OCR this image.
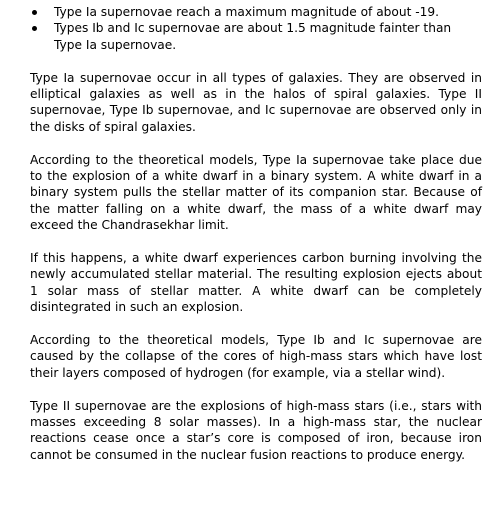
Type Ia supernovae reach a maximum magnitude of about -19.
Types Ib and Ic supernovae are about 1.5 magnitude fainter than Type Ia supernovae.

Type Ia supernovae occur in all types of galaxies. They are observed in elliptical galaxies as well as in the halos of spiral galaxies. Type II supernovae, Type Ib supernovae, and Ic supernovae are observed only in the disks of spiral galaxies.

According to the theoretical models, Type Ia supernovae take place due to the explosion of a white dwarf in a binary system. A white dwarf in a binary system pulls the stellar matter of its companion star. Because of the matter falling on a white dwarf, the mass of a white dwarf may exceed the Chandrasekhar limit.

If this happens, a white dwarf experiences carbon burning involving the newly accumulated stellar material. The resulting explosion ejects about 1 solar mass of stellar matter. A white dwarf can be completely disintegrated in such an explosion.

According to the theoretical models, Type Ib and Ic supernovae are caused by the collapse of the cores of high-mass stars which have lost their layers composed of hydrogen (for example, via a stellar wind).

Type II supernovae are the explosions of high-mass stars (i.e., stars with masses exceeding 8 solar masses). In a high-mass star, the nuclear reactions cease once a star’s core is composed of iron, because iron cannot be consumed in the nuclear fusion reactions to produce energy.
